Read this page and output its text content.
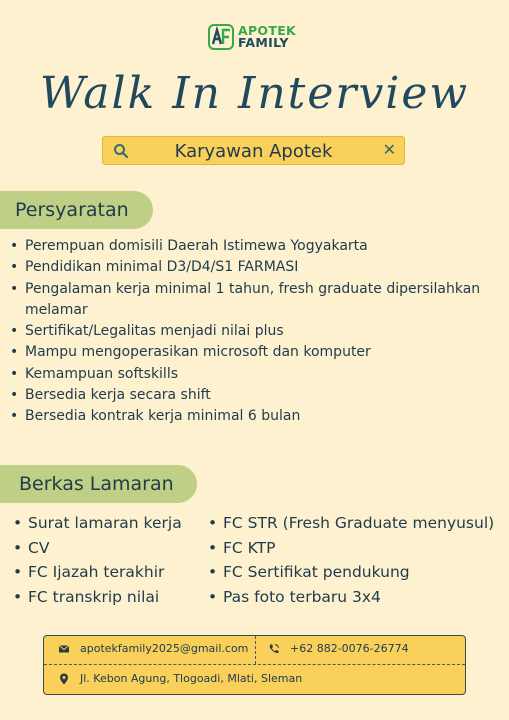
APOTEK
FAMILY
Walk In Interview
Karyawan Apotek	✕
Persyaratan
• Perempuan domisili Daerah Istimewa Yogyakarta
• Pendidikan minimal D3/D4/S1 FARMASI
• Pengalaman kerja minimal 1 tahun, fresh graduate dipersilahkan melamar
• Sertifikat/Legalitas menjadi nilai plus
• Mampu mengoperasikan microsoft dan komputer
• Kemampuan softskills
• Bersedia kerja secara shift
• Bersedia kontrak kerja minimal 6 bulan
Berkas Lamaran
• Surat lamaran kerja
• CV
• FC Ijazah terakhir
• FC transkrip nilai
• FC STR (Fresh Graduate menyusul)
• FC KTP
• FC Sertifikat pendukung
• Pas foto terbaru 3x4
apotekfamily2025@gmail.com	+62 882-0076-26774
Jl. Kebon Agung, Tlogoadi, Mlati, Sleman
